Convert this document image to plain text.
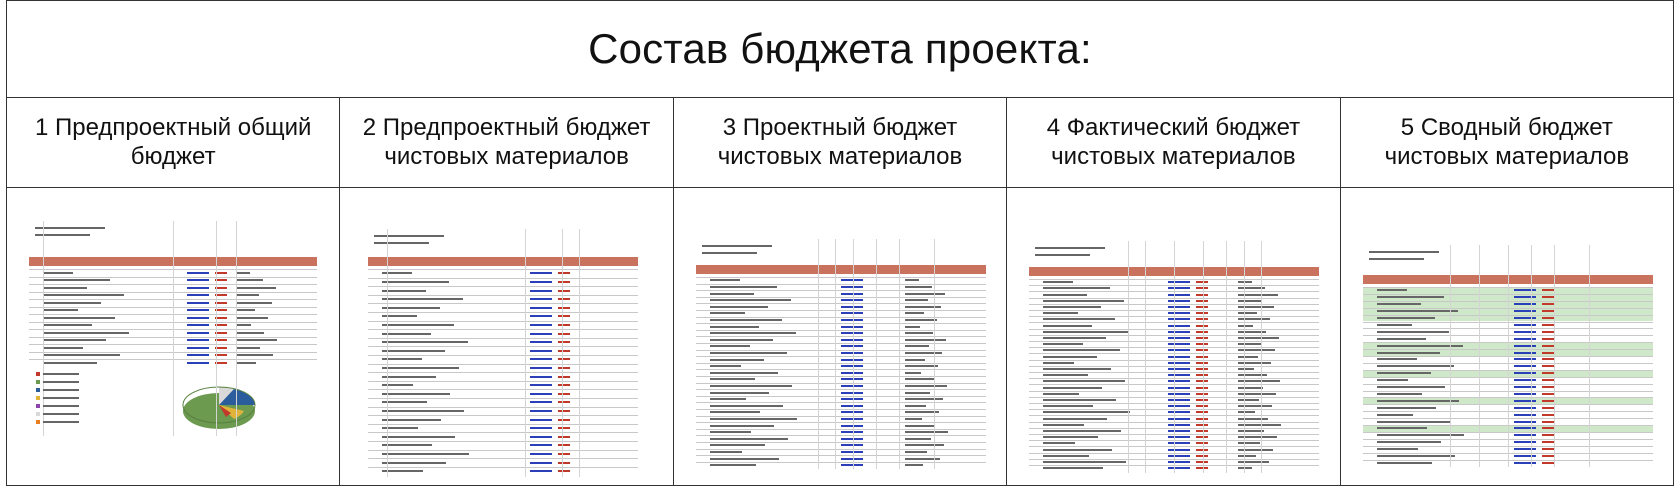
Состав бюджета проекта:
1 Предпроектный общий бюджет
2 Предпроектный бюджет чистовых материалов
3 Проектный бюджет чистовых материалов
4 Фактический бюджет чистовых материалов
5 Сводный бюджет чистовых материалов
